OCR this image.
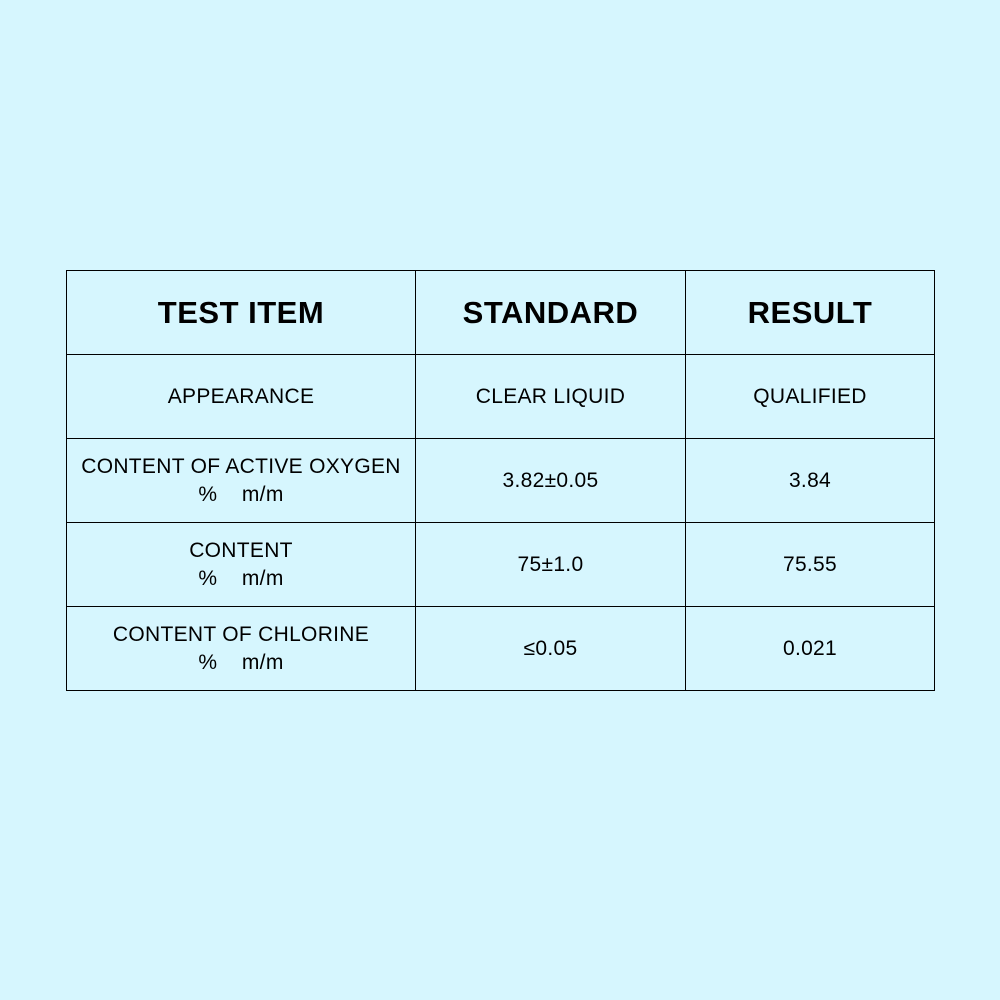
TEST ITEM	STANDARD	RESULT

APPEARANCE	CLEAR LIQUID	QUALIFIED

CONTENT OF ACTIVE OXYGEN
%    m/m	3.82±0.05	3.84

CONTENT
%    m/m	75±1.0	75.55

CONTENT OF CHLORINE
%    m/m	≤0.05	0.021
